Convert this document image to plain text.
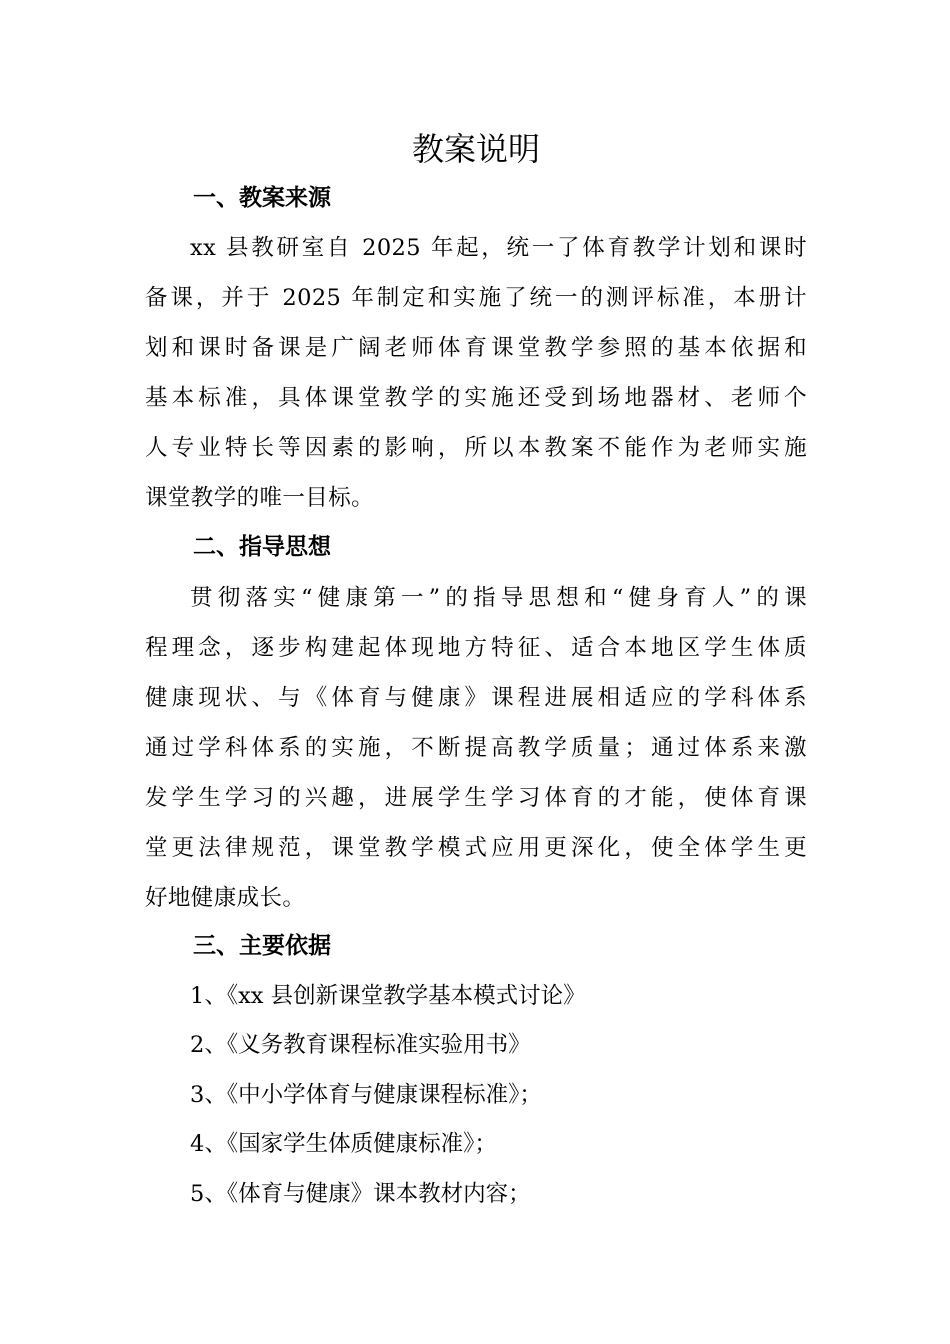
教案说明
一、教案来源
xx 县教研室自 2025 年起，统一了体育教学计划和课时
备课，并于 2025 年制定和实施了统一的测评标准，本册计
划和课时备课是广阔老师体育课堂教学参照的基本依据和
基本标准，具体课堂教学的实施还受到场地器材、老师个
人专业特长等因素的影响，所以本教案不能作为老师实施
课堂教学的唯一目标。
二、指导思想
贯彻落实“健康第一”的指导思想和“健身育人”的课
程理念，逐步构建起体现地方特征、适合本地区学生体质
健康现状、与《体育与健康》课程进展相适应的学科体系
通过学科体系的实施，不断提高教学质量；通过体系来激
发学生学习的兴趣，进展学生学习体育的才能，使体育课
堂更法律规范，课堂教学模式应用更深化，使全体学生更
好地健康成长。
三、主要依据

1、《xx 县创新课堂教学基本模式讨论》

2、《义务教育课程标准实验用书》

3、《中小学体育与健康课程标准》；

4、《国家学生体质健康标准》；

5、《体育与健康》课本教材内容；
